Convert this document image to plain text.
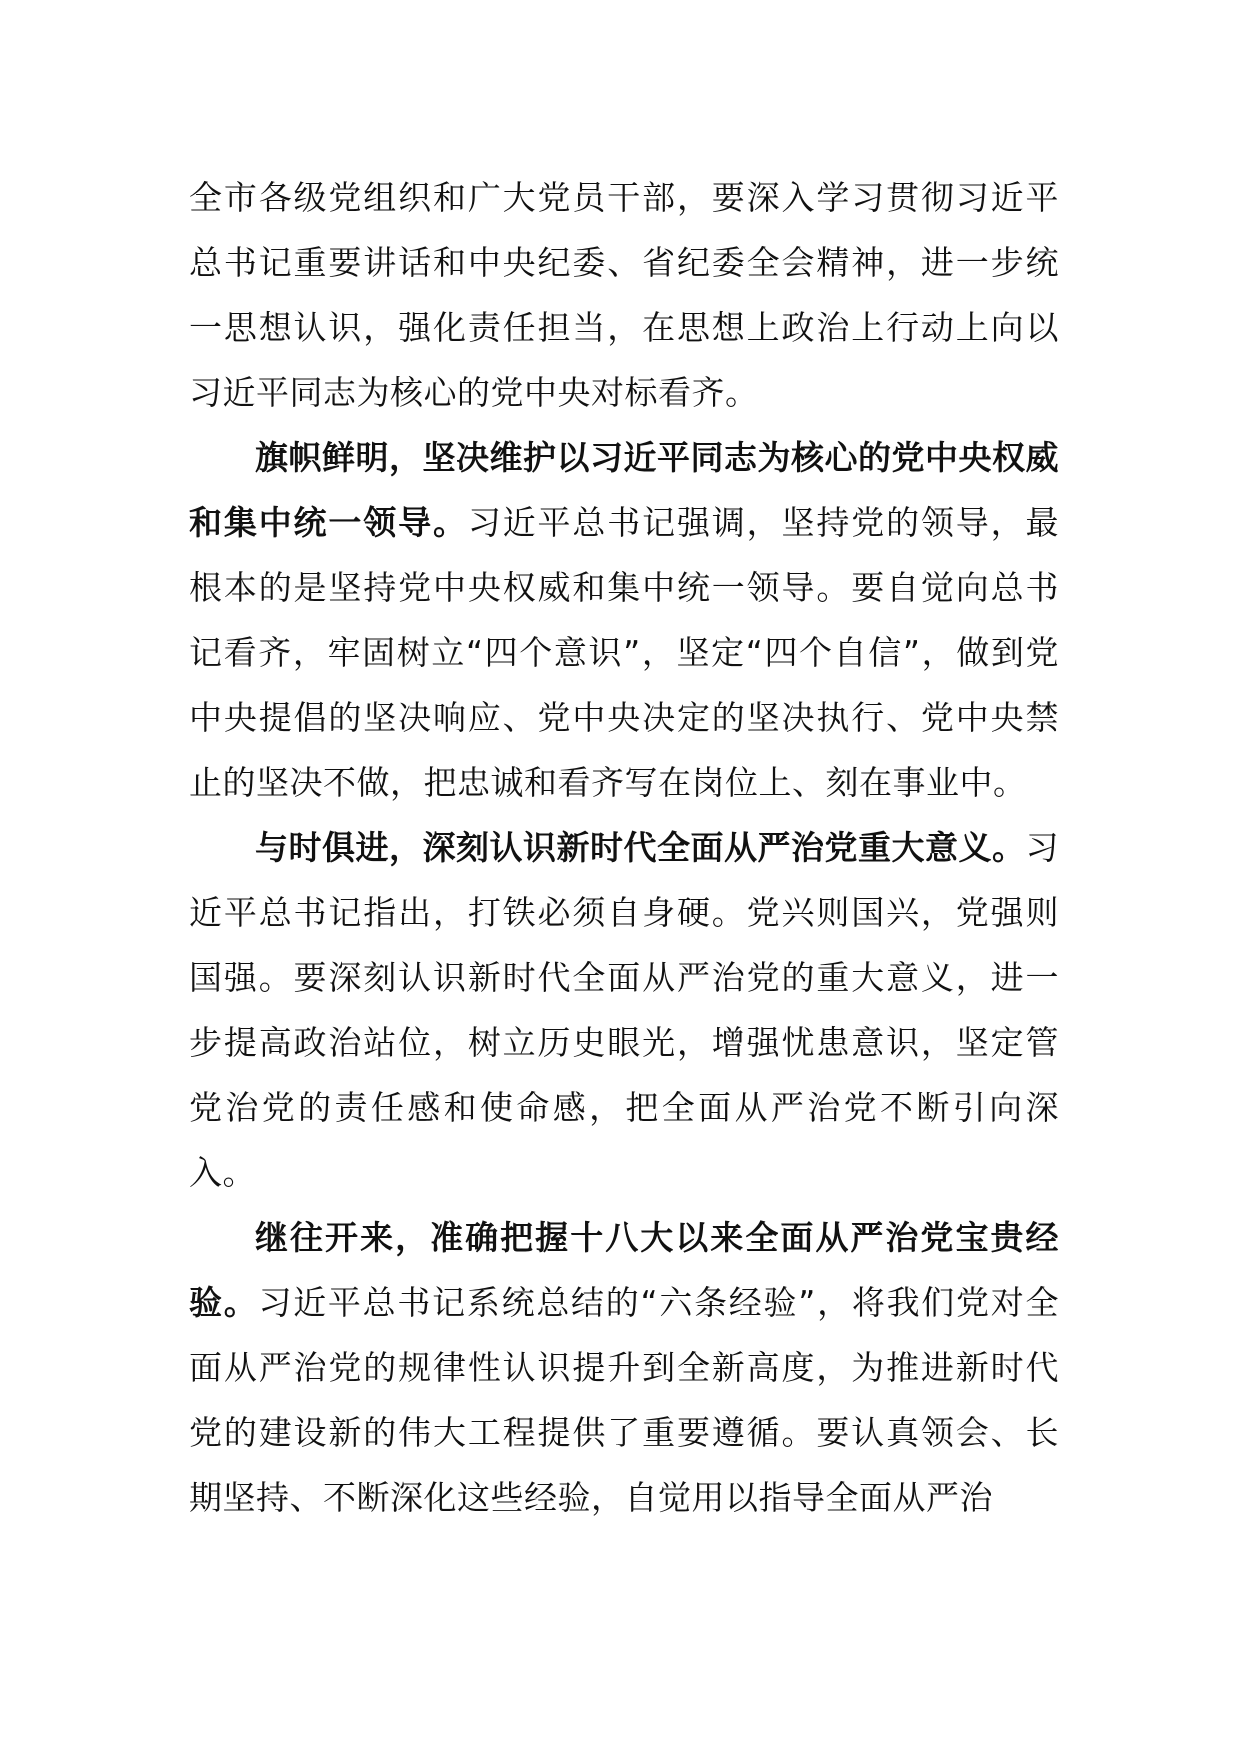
全市各级党组织和广大党员干部，要深入学习贯彻习近平总书记重要讲话和中央纪委、省纪委全会精神，进一步统一思想认识，强化责任担当，在思想上政治上行动上向以习近平同志为核心的党中央对标看齐。

旗帜鲜明，坚决维护以习近平同志为核心的党中央权威和集中统一领导。习近平总书记强调，坚持党的领导，最根本的是坚持党中央权威和集中统一领导。要自觉向总书记看齐，牢固树立“四个意识”，坚定“四个自信”，做到党中央提倡的坚决响应、党中央决定的坚决执行、党中央禁止的坚决不做，把忠诚和看齐写在岗位上、刻在事业中。

与时俱进，深刻认识新时代全面从严治党重大意义。习近平总书记指出，打铁必须自身硬。党兴则国兴，党强则国强。要深刻认识新时代全面从严治党的重大意义，进一步提高政治站位，树立历史眼光，增强忧患意识，坚定管党治党的责任感和使命感，把全面从严治党不断引向深入。

继往开来，准确把握十八大以来全面从严治党宝贵经验。习近平总书记系统总结的“六条经验”，将我们党对全面从严治党的规律性认识提升到全新高度，为推进新时代党的建设新的伟大工程提供了重要遵循。要认真领会、长期坚持、不断深化这些经验，自觉用以指导全面从严治
